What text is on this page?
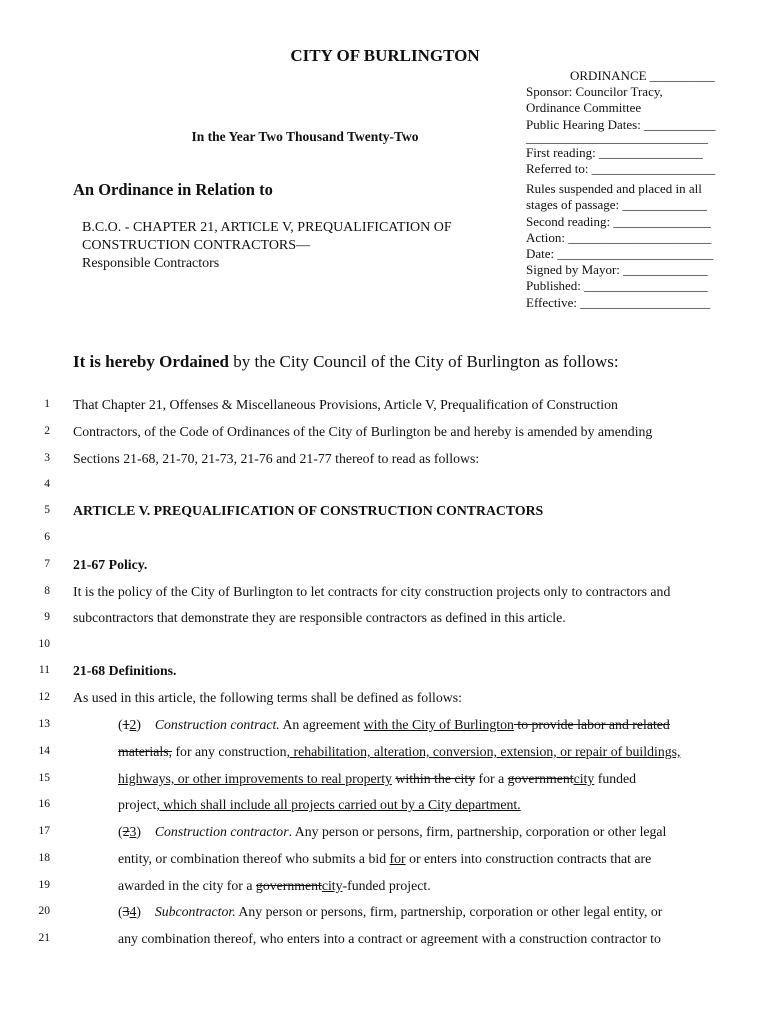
CITY OF BURLINGTON
ORDINANCE __________
Sponsor: Councilor Tracy,
Ordinance Committee
Public Hearing Dates: ___________
____________________________
First reading: ________________
Referred to: ___________________
Rules suspended and placed in all
stages of passage: _____________
Second reading: _______________
Action: ______________________
Date: ________________________
Signed by Mayor: _____________
Published: ___________________
Effective: ____________________
In the Year Two Thousand Twenty-Two
An Ordinance in Relation to
B.C.O. - CHAPTER 21, ARTICLE V, PREQUALIFICATION OF
CONSTRUCTION CONTRACTORS—
Responsible Contractors
It is hereby Ordained by the City Council of the City of Burlington as follows:
1 That Chapter 21, Offenses & Miscellaneous Provisions, Article V, Prequalification of Construction
2 Contractors, of the Code of Ordinances of the City of Burlington be and hereby is amended by amending
3 Sections 21-68, 21-70, 21-73, 21-76 and 21-77 thereof to read as follows:
4
5 ARTICLE V. PREQUALIFICATION OF CONSTRUCTION CONTRACTORS
6
7 21-67 Policy.
8 It is the policy of the City of Burlington to let contracts for city construction projects only to contractors and
9 subcontractors that demonstrate they are responsible contractors as defined in this article.
10
11 21-68 Definitions.
12 As used in this article, the following terms shall be defined as follows:
13	(12)    Construction contract. An agreement with the City of Burlington to provide labor and related
14	materials, for any construction, rehabilitation, alteration, conversion, extension, or repair of buildings,
15	highways, or other improvements to real property within the city for a governmentcity funded
16	project, which shall include all projects carried out by a City department.
17	(23)    Construction contractor. Any person or persons, firm, partnership, corporation or other legal
18	entity, or combination thereof who submits a bid for or enters into construction contracts that are
19	awarded in the city for a governmentcity-funded project.
20	(34)    Subcontractor. Any person or persons, firm, partnership, corporation or other legal entity, or
21	any combination thereof, who enters into a contract or agreement with a construction contractor to
